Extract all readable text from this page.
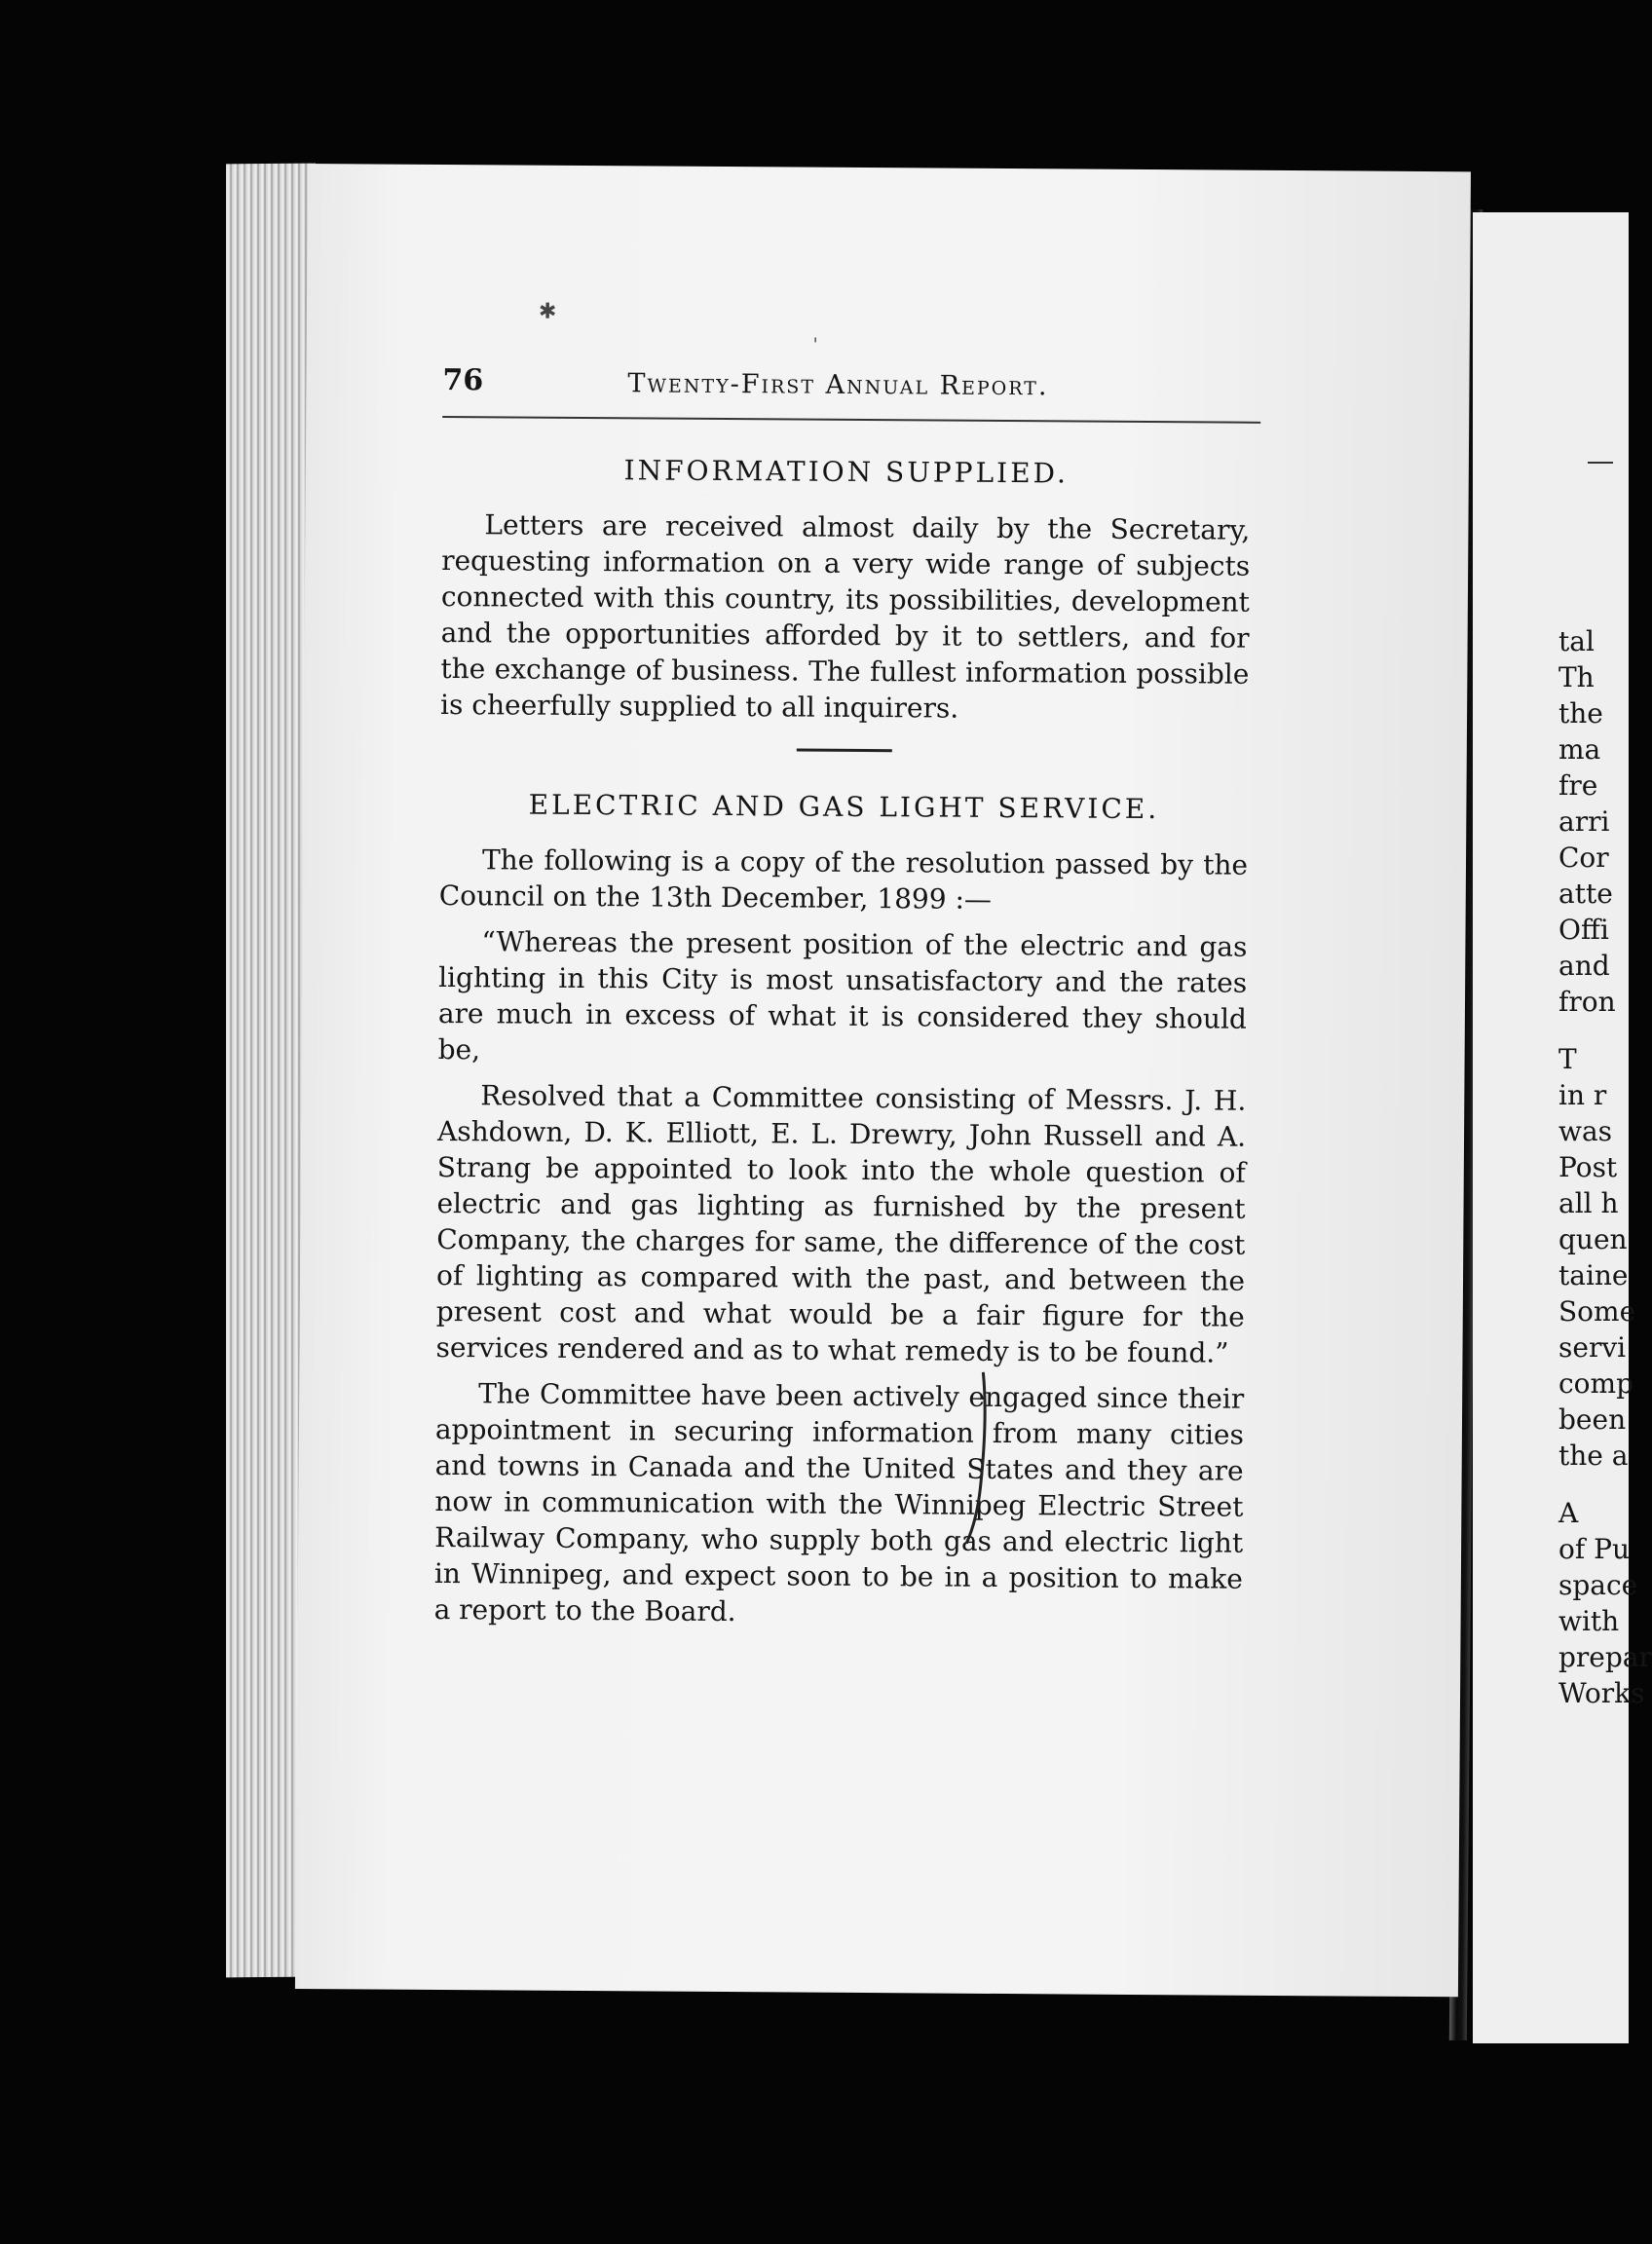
tal
Th
the
ma
fre
arri
Cor
atte
Offi
and
fron
T
in r
was
Post
all h
quen
taine
Some
servi
comp
been
the a
A
of Pu
space
with
prepar
Works
✱
'
76	Twenty-First Annual Report.
INFORMATION SUPPLIED.

Letters are received almost daily by the Secretary, requesting information on a very wide range of subjects connected with this country, its possibilities, development and the opportunities afforded by it to settlers, and for the exchange of business. The fullest information possible is cheerfully supplied to all inquirers.

ELECTRIC AND GAS LIGHT SERVICE.

The following is a copy of the resolution passed by the Council on the 13th December, 1899 :—

“Whereas the present position of the electric and gas lighting in this City is most unsatisfactory and the rates are much in excess of what it is considered they should be,

Resolved that a Committee consisting of Messrs. J. H. Ashdown, D. K. Elliott, E. L. Drewry, John Russell and A. Strang be appointed to look into the whole question of electric and gas lighting as furnished by the present Company, the charges for same, the difference of the cost of lighting as compared with the past, and between the present cost and what would be a fair figure for the services rendered and as to what remedy is to be found.”

The Committee have been actively engaged since their appointment in securing information from many cities and towns in Canada and the United States and they are now in communication with the Winnipeg Electric Street Railway Company, who supply both gas and electric light in Winnipeg, and expect soon to be in a position to make a report to the Board.
